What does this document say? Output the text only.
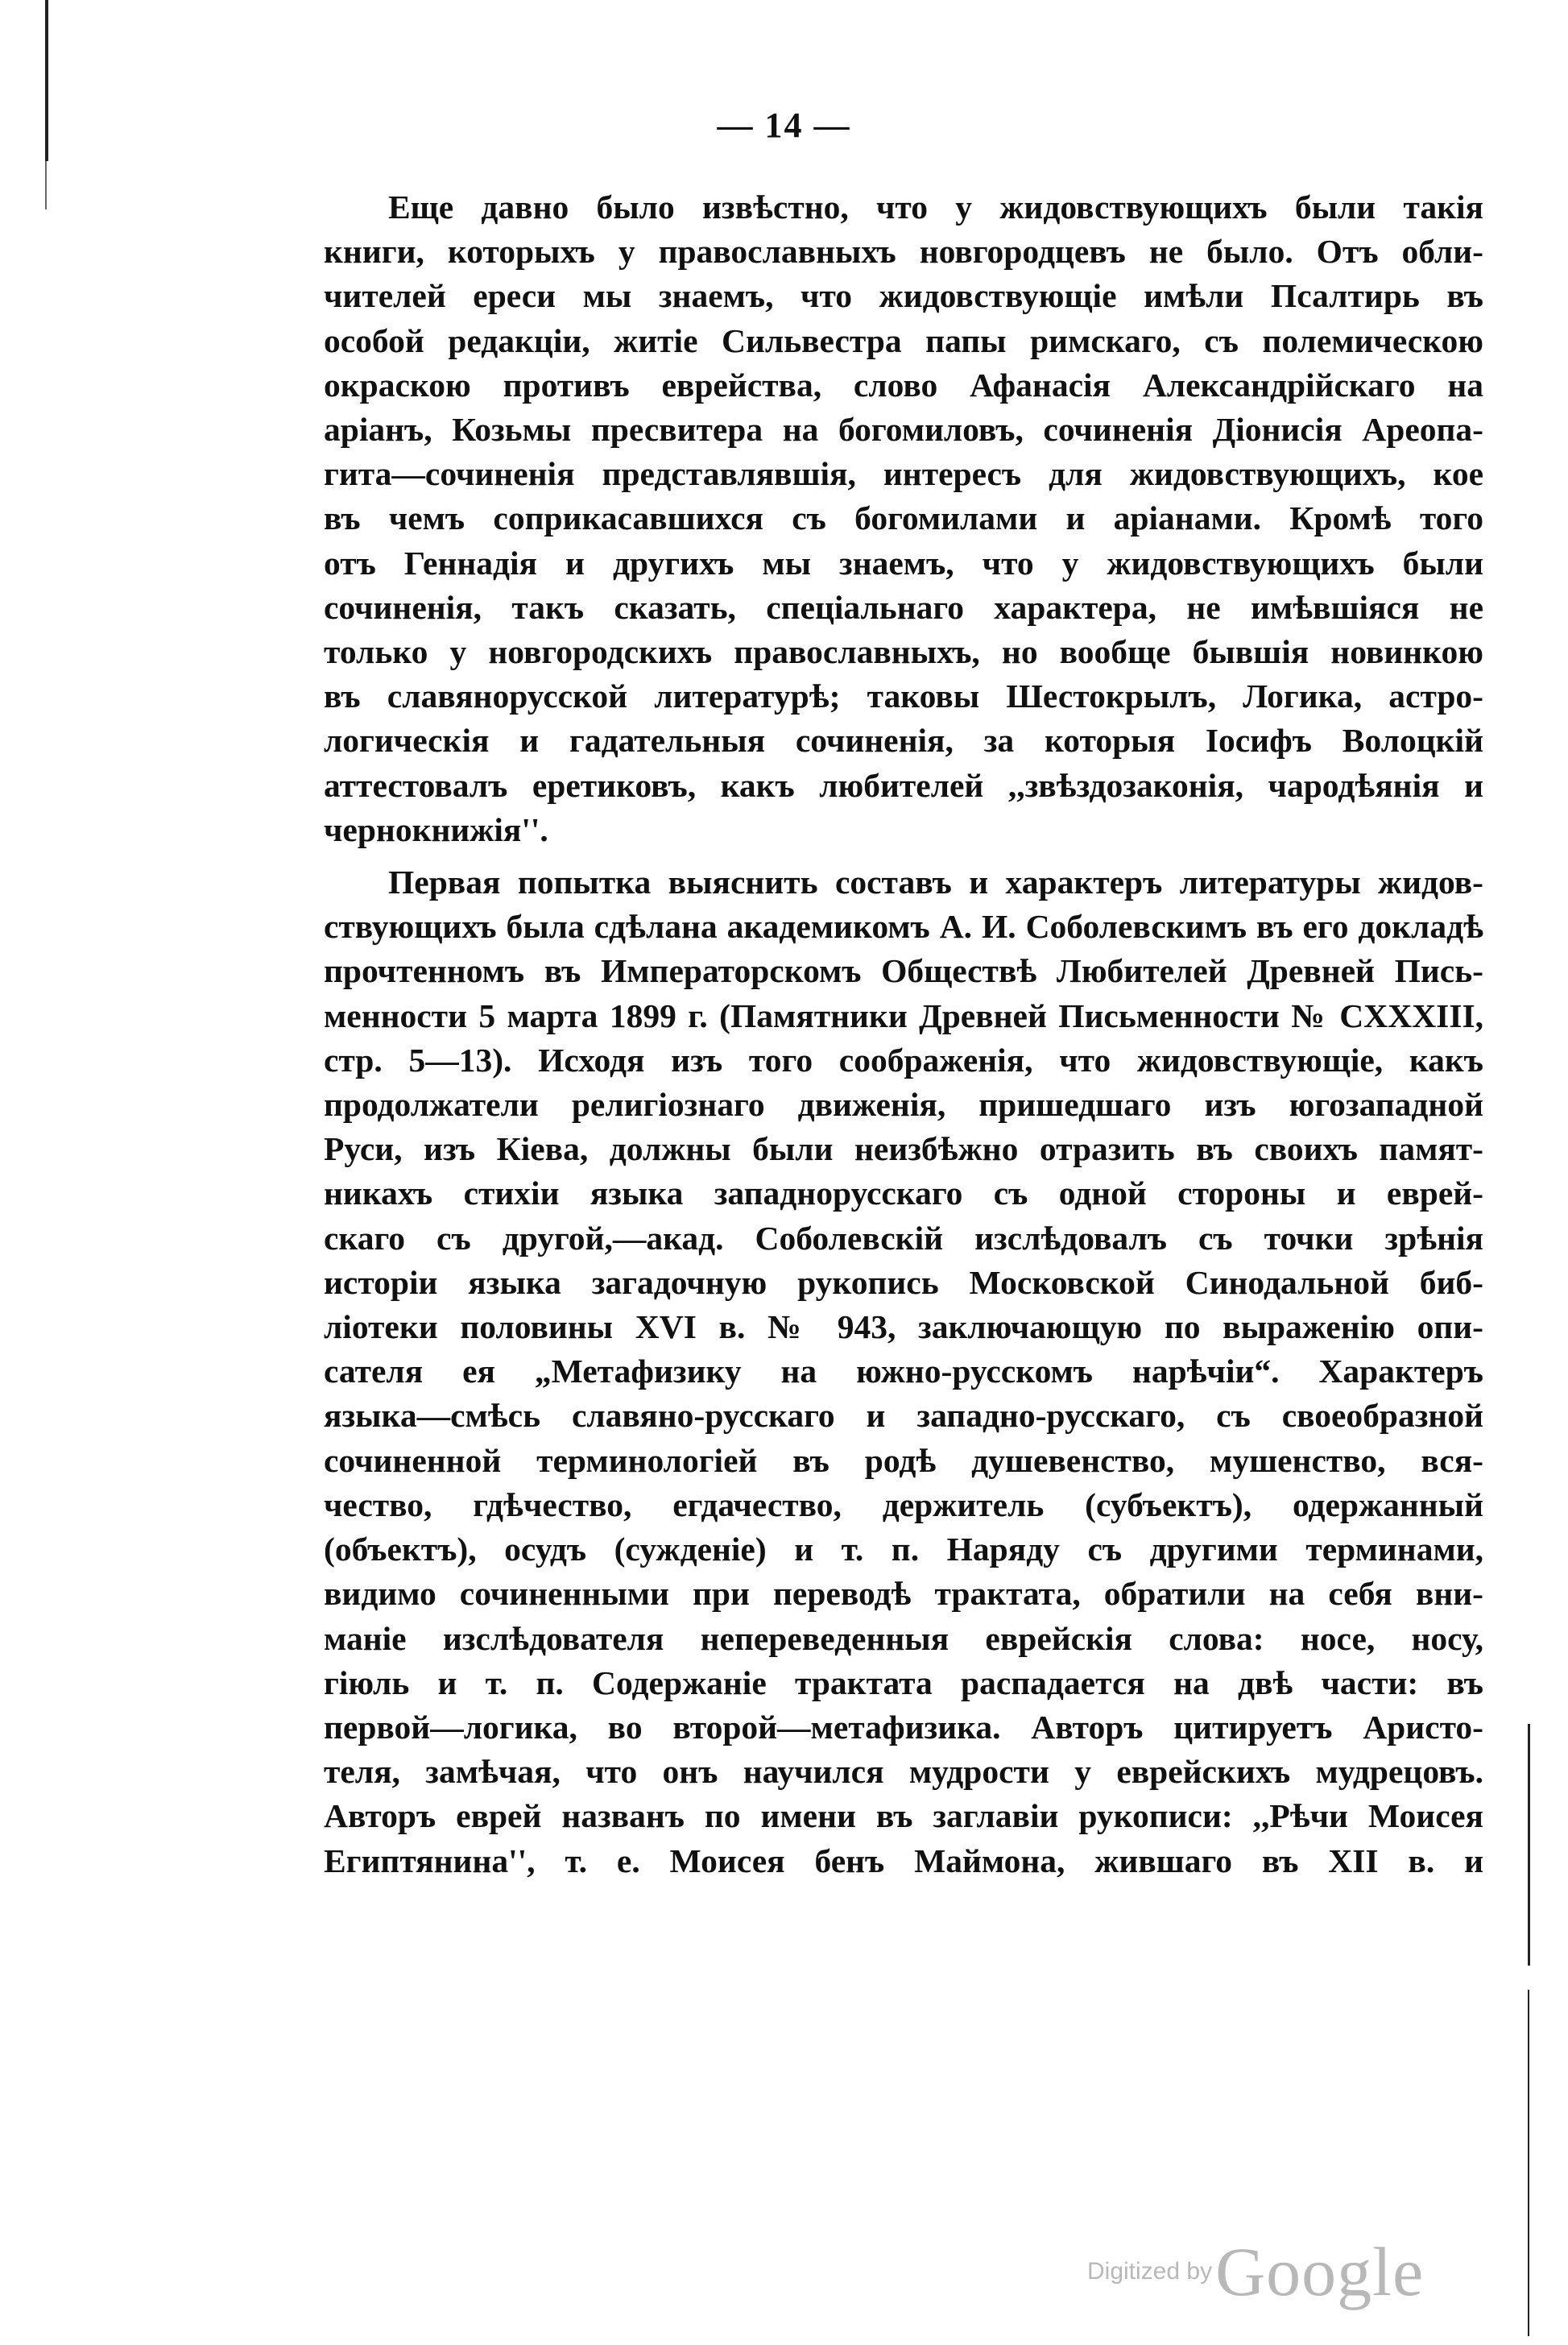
— 14 —
Еще давно было извѣстно, что у жидовствующихъ были такія
книги, которыхъ у православныхъ новгородцевъ не было. Отъ обли-
чителей ереси мы знаемъ, что жидовствующіе имѣли Псалтирь въ
особой редакціи, житіе Сильвестра папы римскаго, съ полемическою
окраскою противъ еврейства, слово Афанасія Александрійскаго на
аріанъ, Козьмы пресвитера на богомиловъ, сочиненія Діонисія Ареопа-
гита—сочиненія представлявшія, интересъ для жидовствующихъ, кое
въ чемъ соприкасавшихся съ богомилами и аріанами. Кромѣ того
отъ Геннадія и другихъ мы знаемъ, что у жидовствующихъ были
сочиненія, такъ сказать, спеціальнаго характера, не имѣвшіяся не
только у новгородскихъ православныхъ, но вообще бывшія новинкою
въ славянорусской литературѣ; таковы Шестокрылъ, Логика, астро-
логическія и гадательныя сочиненія, за которыя Іосифъ Волоцкій
аттестовалъ еретиковъ, какъ любителей ,,звѣздозаконія, чародѣянія и
чернокнижія''.
Первая попытка выяснить составъ и характеръ литературы жидов-
ствующихъ была сдѣлана академикомъ А. И. Соболевскимъ въ его докладѣ
прочтенномъ въ Императорскомъ Обществѣ Любителей Древней Пись-
менности 5 марта 1899 г. (Памятники Древней Письменности № CXXXIII,
стр. 5—13). Исходя изъ того соображенія, что жидовствующіе, какъ
продолжатели религіознаго движенія, пришедшаго изъ югозападной
Руси, изъ Кіева, должны были неизбѣжно отразить въ своихъ памят-
никахъ стихіи языка западнорусскаго съ одной стороны и еврей-
скаго съ другой,—акад. Соболевскій изслѣдовалъ съ точки зрѣнія
исторіи языка загадочную рукопись Московской Синодальной биб-
ліотеки половины XVI в. № 943, заключающую по выраженію опи-
сателя ея „Метафизику на южно-русскомъ нарѣчіи“. Характеръ
языка—смѣсь славяно-русскаго и западно-русскаго, съ своеобразной
сочиненной терминологіей въ родѣ душевенство, мушенство, вся-
чество, гдѣчество, егдачество, держитель (субъектъ), одержанный
(объектъ), осудъ (сужденіе) и т. п. Наряду съ другими терминами,
видимо сочиненными при переводѣ трактата, обратили на себя вни-
маніе изслѣдователя непереведенныя еврейскія слова: носе, носу,
гіюль и т. п. Содержаніе трактата распадается на двѣ части: въ
первой—логика, во второй—метафизика. Авторъ цитируетъ Аристо-
теля, замѣчая, что онъ научился мудрости у еврейскихъ мудрецовъ.
Авторъ еврей названъ по имени въ заглавіи рукописи: ,,Рѣчи Моисея
Египтянина'', т. е. Моисея бенъ Маймона, жившаго въ XII в. и
Digitized by Google
